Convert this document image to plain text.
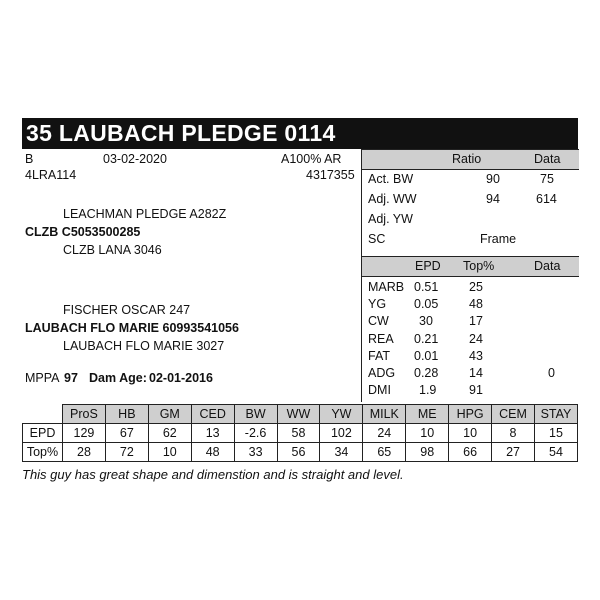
35 LAUBACH PLEDGE 0114
B	03-02-2020	A100% AR
4LRA114	4317355
LEACHMAN PLEDGE A282Z
CLZB C5053500285
CLZB LANA 3046
FISCHER OSCAR 247
LAUBACH FLO MARIE 60993541056
LAUBACH FLO MARIE 3027
MPPA 97 Dam Age: 02-01-2016
Ratio	Data
Act. BW	90	75
Adj. WW	94	614
Adj. YW
SC	Frame
EPD Top%	Data
MARB 0.51 25
YG 0.05 48
CW 30	17
REA 0.21 24
FAT 0.01 43
ADG 0.28 14	0
DMI 1.9	91
	ProS	HB	GM	CED	BW	WW	YW	MILK	ME	HPG	CEM	STAY
EPD	129	67	62	13	-2.6	58	102	24	10	10	8	15
Top%	28	72	10	48	33	56	34	65	98	66	27	54
This guy has great shape and dimenstion and is straight and level.
